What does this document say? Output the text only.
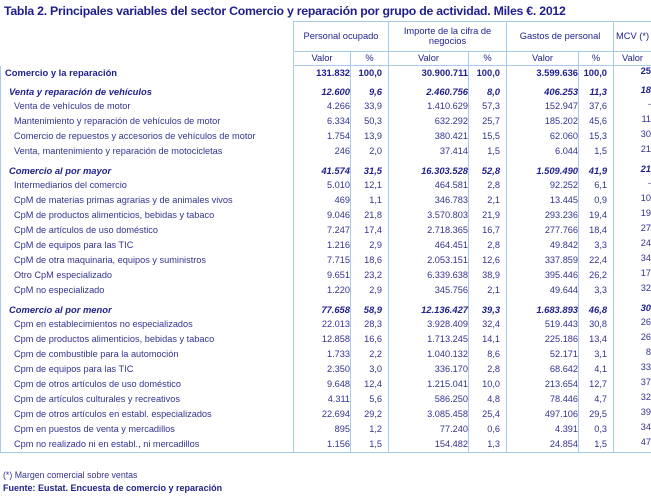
Tabla 2. Principales variables del sector Comercio y reparación por grupo de actividad. Miles €. 2012
	Personal ocupado		Importe de la cifra de negocios		Gastos de personal		MCV (*)
	Valor	%	Valor	%	Valor	%	Valor
Comercio y la reparación	131.832	100,0	30.900.711	100,0	3.599.636	100,0	25

Venta y reparación de vehículos	12.600	9,6	2.460.756	8,0	406.253	11,3	18
Venta de vehículos de motor	4.266	33,9	1.410.629	57,3	152.947	37,6	-
Mantenimiento y reparación de vehículos de motor	6.334	50,3	632.292	25,7	185.202	45,6	11
Comercio de repuestos y accesorios de vehículos de motor	1.754	13,9	380.421	15,5	62.060	15,3	30
Venta, mantenimiento y reparación de motocicletas	246	2,0	37.414	1,5	6.044	1,5	21

Comercio al por mayor	41.574	31,5	16.303.528	52,8	1.509.490	41,9	21
Intermediarios del comercio	5.010	12,1	464.581	2,8	92.252	6,1	-
CpM de materias primas agrarias y de animales vivos	469	1,1	346.783	2,1	13.445	0,9	10
CpM de productos alimenticios, bebidas y tabaco	9.046	21,8	3.570.803	21,9	293.236	19,4	19
CpM de artículos de uso doméstico	7.247	17,4	2.718.365	16,7	277.766	18,4	27
CpM de equipos para las TIC	1.216	2,9	464.451	2,8	49.842	3,3	24
CpM de otra maquinaria, equipos y suministros	7.715	18,6	2.053.151	12,6	337.859	22,4	34
Otro CpM especializado	9.651	23,2	6.339.638	38,9	395.446	26,2	17
CpM no especializado	1.220	2,9	345.756	2,1	49.644	3,3	32

Comercio al por menor	77.658	58,9	12.136.427	39,3	1.683.893	46,8	30
Cpm en establecimientos no especializados	22.013	28,3	3.928.409	32,4	519.443	30,8	26
Cpm de productos alimenticios, bebidas y tabaco	12.858	16,6	1.713.245	14,1	225.186	13,4	26
Cpm de combustible para la automoción	1.733	2,2	1.040.132	8,6	52.171	3,1	8
Cpm de equipos para las TIC	2.350	3,0	336.170	2,8	68.642	4,1	33
Cpm de otros artículos de uso doméstico	9.648	12,4	1.215.041	10,0	213.654	12,7	37
Cpm de artículos culturales y recreativos	4.311	5,6	586.250	4,8	78.446	4,7	32
Cpm de otros artículos en establ. especializados	22.694	29,2	3.085.458	25,4	497.106	29,5	39
Cpm en puestos de venta y mercadillos	895	1,2	77.240	0,6	4.391	0,3	34
Cpm no realizado ni en establ., ni mercadillos	1.156	1,5	154.482	1,3	24.854	1,5	47
(*) Margen comercial sobre ventas
Fuente: Eustat. Encuesta de comercio y reparación
